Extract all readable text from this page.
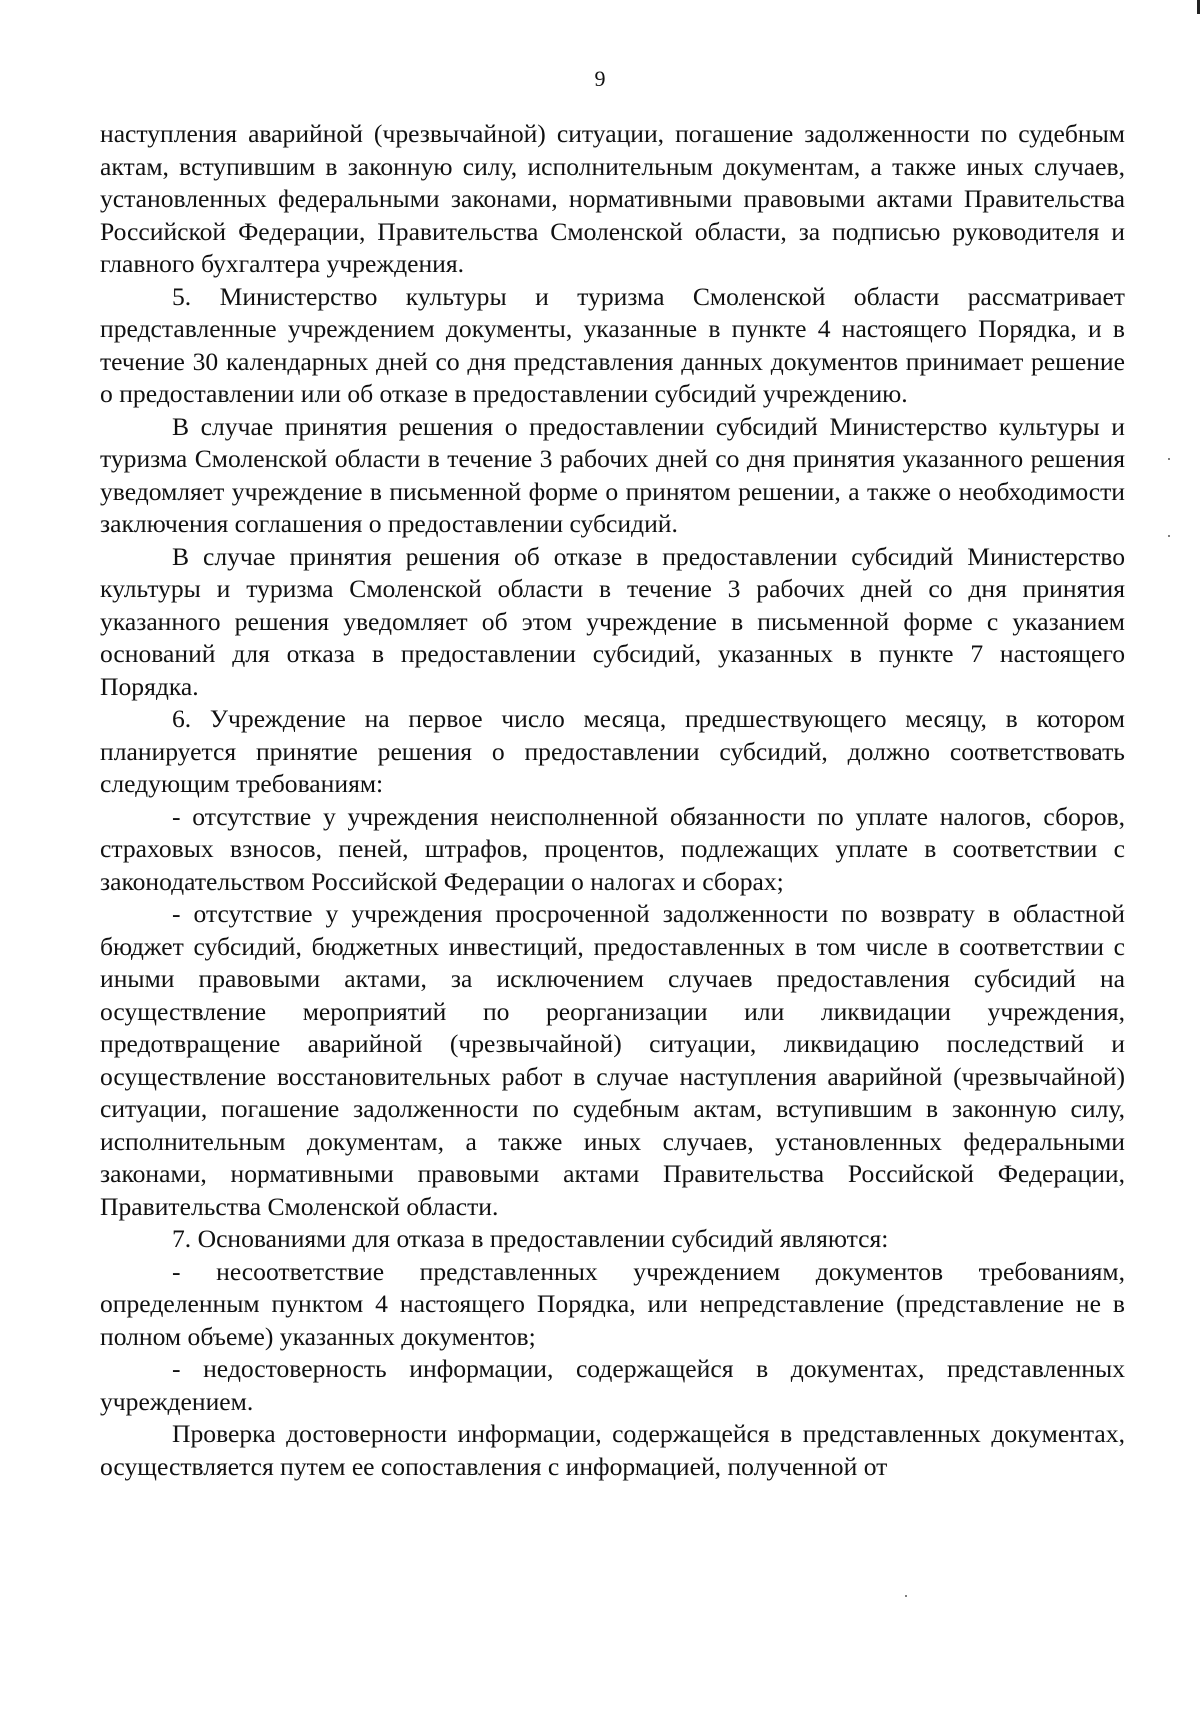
9

наступления аварийной (чрезвычайной) ситуации, погашение задолженности по судебным актам, вступившим в законную силу, исполнительным документам, а также иных случаев, установленных федеральными законами, нормативными правовыми актами Правительства Российской Федерации, Правительства Смоленской области, за подписью руководителя и главного бухгалтера учреждения.

5. Министерство культуры и туризма Смоленской области рассматривает представленные учреждением документы, указанные в пункте 4 настоящего Порядка, и в течение 30 календарных дней со дня представления данных документов принимает решение о предоставлении или об отказе в предоставлении субсидий учреждению.

В случае принятия решения о предоставлении субсидий Министерство культуры и туризма Смоленской области в течение 3 рабочих дней со дня принятия указанного решения уведомляет учреждение в письменной форме о принятом решении, а также о необходимости заключения соглашения о предоставлении субсидий.

В случае принятия решения об отказе в предоставлении субсидий Министерство культуры и туризма Смоленской области в течение 3 рабочих дней со дня принятия указанного решения уведомляет об этом учреждение в письменной форме с указанием оснований для отказа в предоставлении субсидий, указанных в пункте 7 настоящего Порядка.

6. Учреждение на первое число месяца, предшествующего месяцу, в котором планируется принятие решения о предоставлении субсидий, должно соответствовать следующим требованиям:

- отсутствие у учреждения неисполненной обязанности по уплате налогов, сборов, страховых взносов, пеней, штрафов, процентов, подлежащих уплате в соответствии с законодательством Российской Федерации о налогах и сборах;

- отсутствие у учреждения просроченной задолженности по возврату в областной бюджет субсидий, бюджетных инвестиций, предоставленных в том числе в соответствии с иными правовыми актами, за исключением случаев предоставления субсидий на осуществление мероприятий по реорганизации или ликвидации учреждения, предотвращение аварийной (чрезвычайной) ситуации, ликвидацию последствий и осуществление восстановительных работ в случае наступления аварийной (чрезвычайной) ситуации, погашение задолженности по судебным актам, вступившим в законную силу, исполнительным документам, а также иных случаев, установленных федеральными законами, нормативными правовыми актами Правительства Российской Федерации, Правительства Смоленской области.

7. Основаниями для отказа в предоставлении субсидий являются:

- несоответствие представленных учреждением документов требованиям, определенным пунктом 4 настоящего Порядка, или непредставление (представление не в полном объеме) указанных документов;

- недостоверность информации, содержащейся в документах, представленных учреждением.

Проверка достоверности информации, содержащейся в представленных документах, осуществляется путем ее сопоставления с информацией, полученной от
